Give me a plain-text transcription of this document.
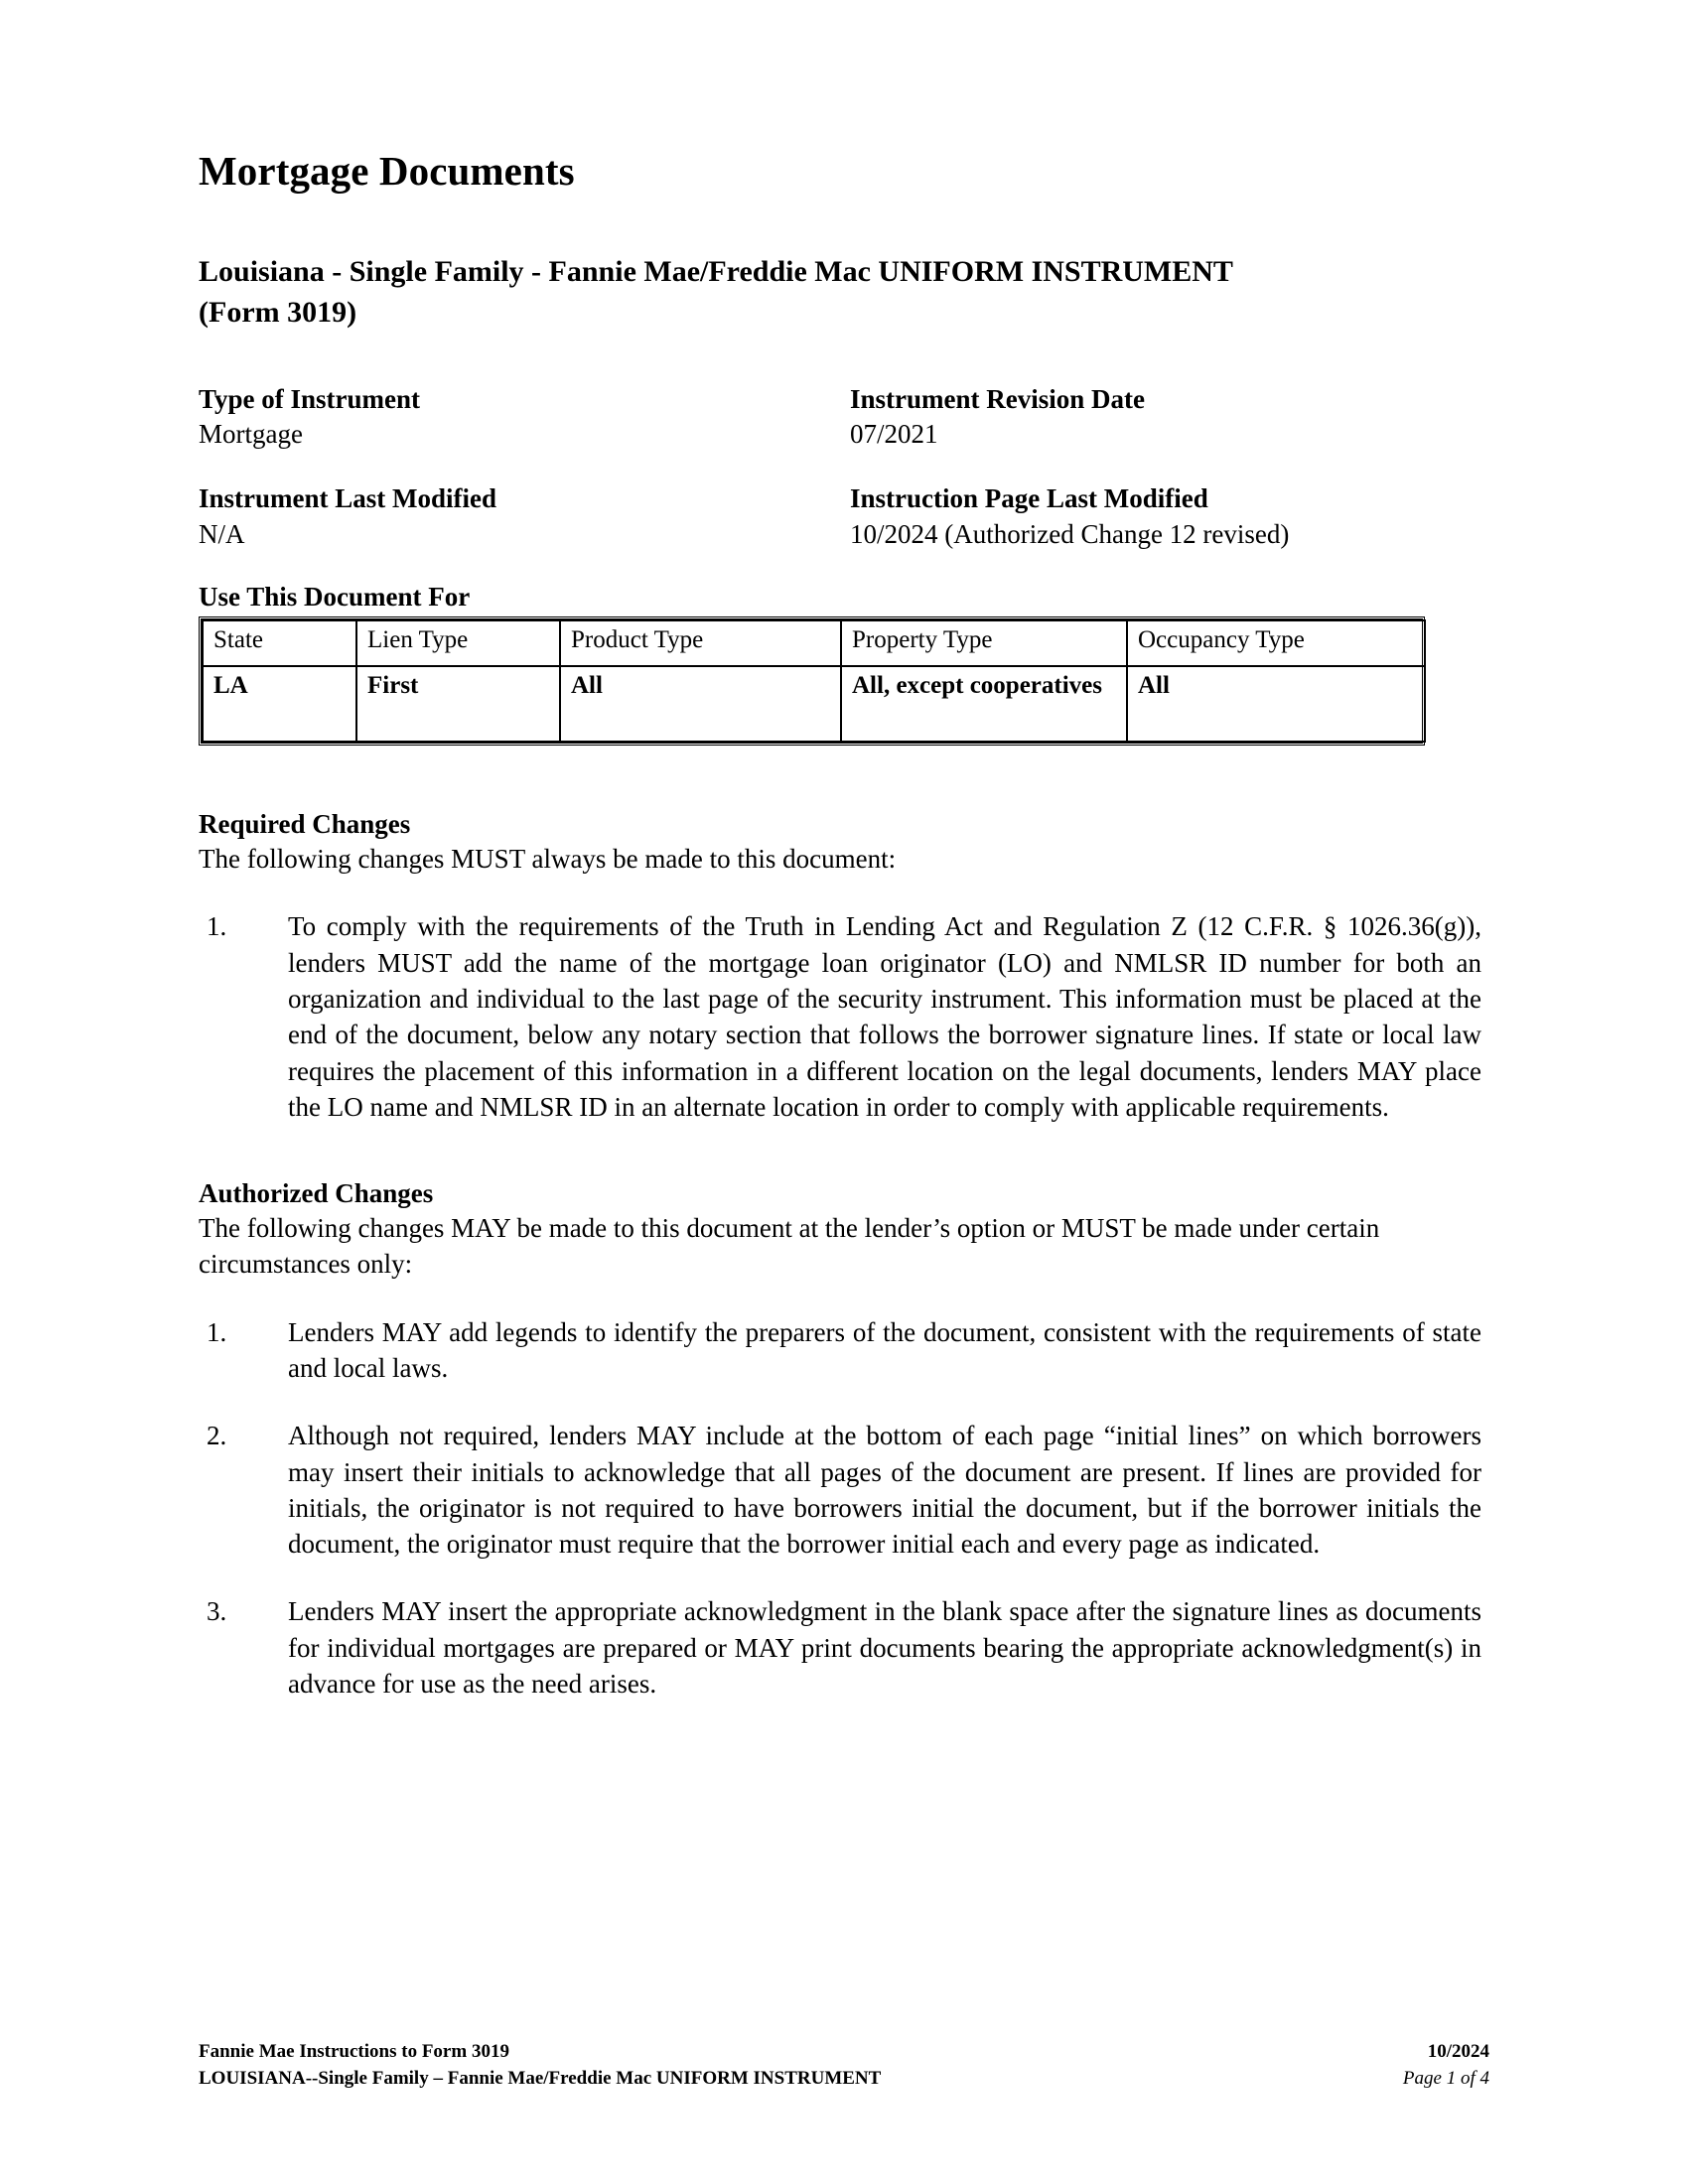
Mortgage Documents
Louisiana - Single Family - Fannie Mae/Freddie Mac UNIFORM INSTRUMENT (Form 3019)
Type of Instrument
Mortgage
Instrument Revision Date
07/2021
Instrument Last Modified
N/A
Instruction Page Last Modified
10/2024 (Authorized Change 12 revised)
Use This Document For
State	Lien Type	Product Type	Property Type	Occupancy Type
LA	First	All	All, except cooperatives	All
Required Changes

The following changes MUST always be made to this document:

1.	To comply with the requirements of the Truth in Lending Act and Regulation Z (12 C.F.R. § 1026.36(g)), lenders MUST add the name of the mortgage loan originator (LO) and NMLSR ID number for both an organization and individual to the last page of the security instrument. This information must be placed at the end of the document, below any notary section that follows the borrower signature lines. If state or local law requires the placement of this information in a different location on the legal documents, lenders MAY place the LO name and NMLSR ID in an alternate location in order to comply with applicable requirements.
Authorized Changes

The following changes MAY be made to this document at the lender’s option or MUST be made under certain circumstances only:

1.	Lenders MAY add legends to identify the preparers of the document, consistent with the requirements of state and local laws.
2.	Although not required, lenders MAY include at the bottom of each page “initial lines” on which borrowers may insert their initials to acknowledge that all pages of the document are present. If lines are provided for initials, the originator is not required to have borrowers initial the document, but if the borrower initials the document, the originator must require that the borrower initial each and every page as indicated.
3.	Lenders MAY insert the appropriate acknowledgment in the blank space after the signature lines as documents for individual mortgages are prepared or MAY print documents bearing the appropriate acknowledgment(s) in advance for use as the need arises.
Fannie Mae Instructions to Form 3019
LOUISIANA--Single Family – Fannie Mae/Freddie Mac UNIFORM INSTRUMENT
10/2024
Page 1 of 4
